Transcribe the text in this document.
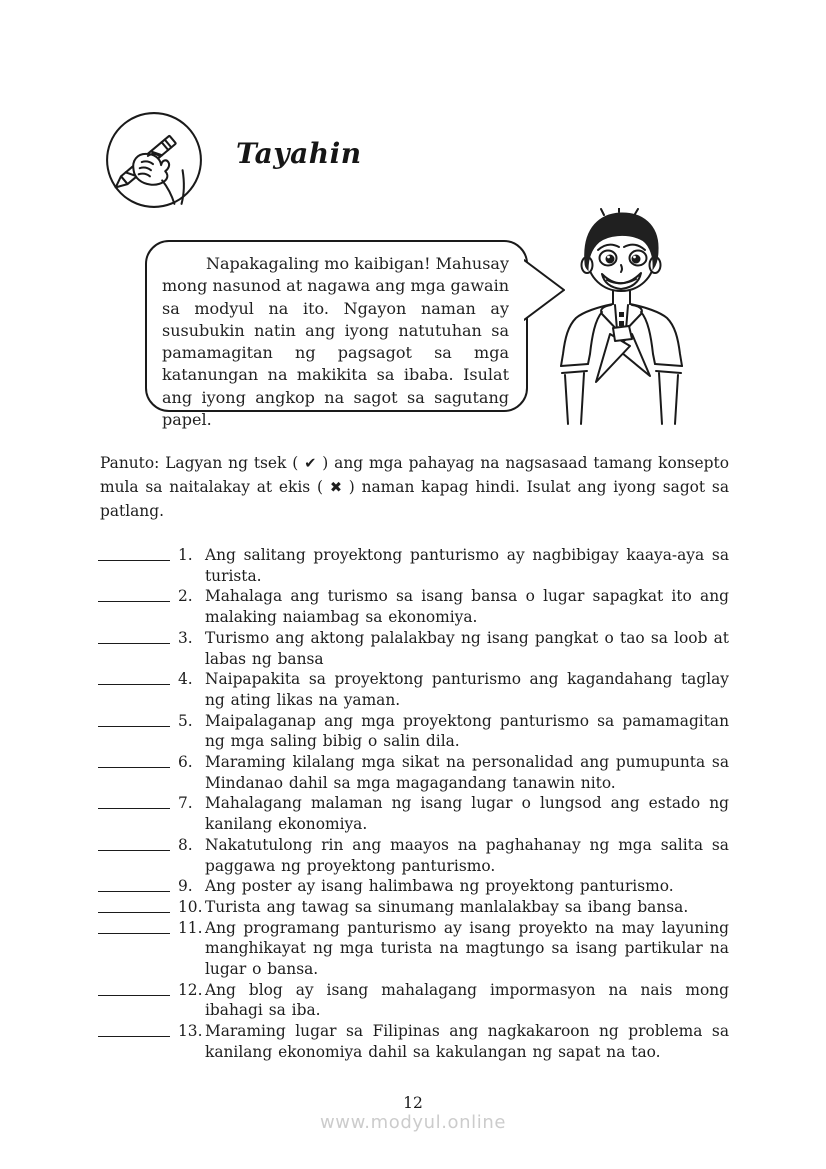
Tayahin

Napakagaling mo kaibigan! Mahusay mong nasunod at nagawa ang mga gawain sa modyul na ito. Ngayon naman ay susubukin natin ang iyong natutuhan sa pamamagitan ng pagsagot sa mga katanungan na makikita sa ibaba. Isulat ang iyong angkop na sagot sa sagutang papel.

Panuto: Lagyan ng tsek ( ✔ ) ang mga pahayag na nagsasaad tamang konsepto mula sa naitalakay at ekis ( ✖ ) naman kapag hindi. Isulat ang iyong sagot sa patlang.

1. Ang salitang proyektong panturismo ay nagbibigay kaaya-aya sa turista.
2. Mahalaga ang turismo sa isang bansa o lugar sapagkat ito ang malaking naiambag sa ekonomiya.
3. Turismo ang aktong palalakbay ng isang pangkat o tao sa loob at labas ng bansa
4. Naipapakita sa proyektong panturismo ang kagandahang taglay ng ating likas na yaman.
5. Maipalaganap ang mga proyektong panturismo sa pamamagitan ng mga saling bibig o salin dila.
6. Maraming kilalang mga sikat na personalidad ang pumupunta sa Mindanao dahil sa mga magagandang tanawin nito.
7. Mahalagang malaman ng isang lugar o lungsod ang estado ng kanilang ekonomiya.
8. Nakatutulong rin ang maayos na paghahanay ng mga salita sa paggawa ng proyektong panturismo.
9. Ang poster ay isang halimbawa ng proyektong panturismo.
10. Turista ang tawag sa sinumang manlalakbay sa ibang bansa.
11. Ang programang panturismo ay isang proyekto na may layuning manghikayat ng mga turista na magtungo sa isang partikular na lugar o bansa.
12. Ang blog ay isang mahalagang impormasyon na nais mong ibahagi sa iba.
13. Maraming lugar sa Filipinas ang nagkakaroon ng problema sa kanilang ekonomiya dahil sa kakulangan ng sapat na tao.
12
www.modyul.online
